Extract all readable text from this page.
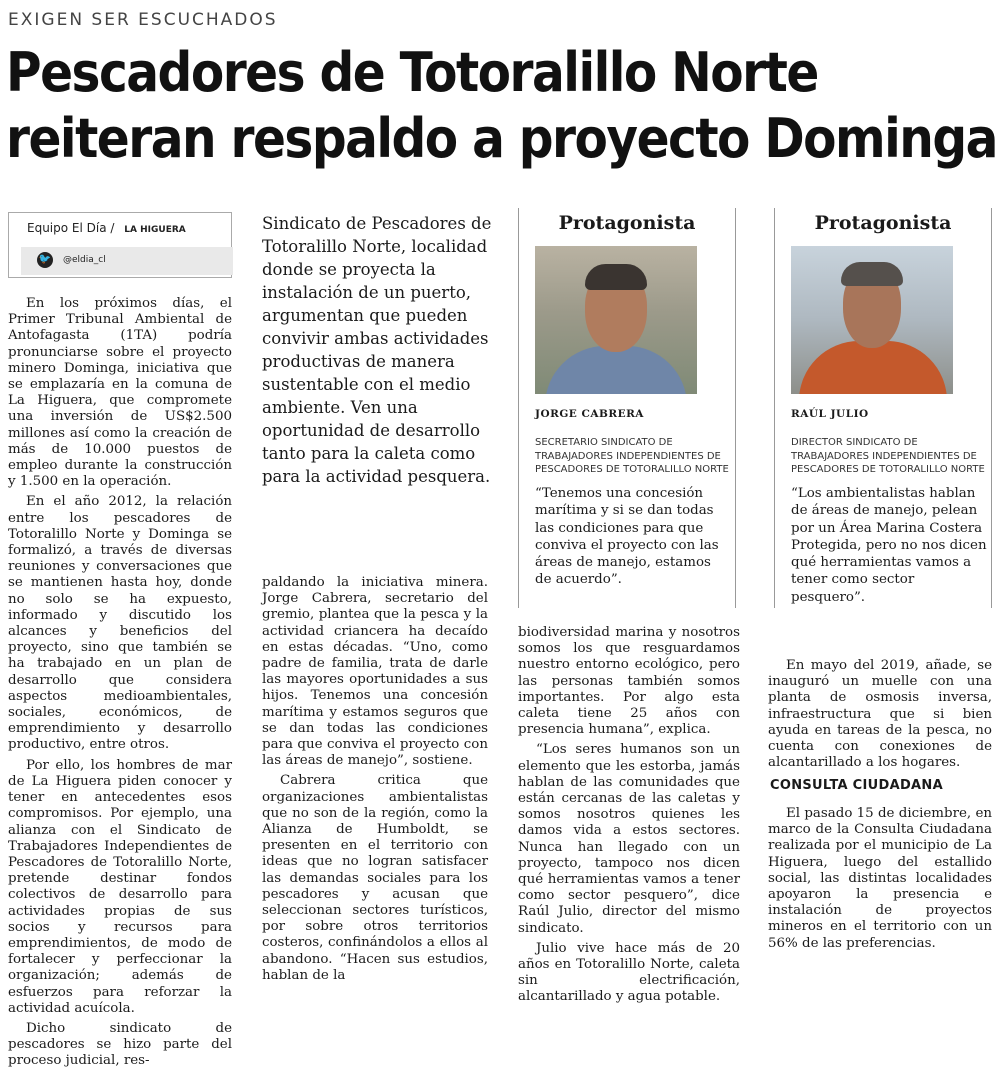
EXIGEN SER ESCUCHADOS
Pescadores de Totoralillo Norte
reiteran respaldo a proyecto Dominga
Equipo El Día / LA HIGUERA
🐦 @eldia_cl

En los próximos días, el Primer Tribunal Ambiental de Antofagasta (1TA) podría pronunciarse sobre el proyecto minero Dominga, iniciativa que se emplazaría en la comuna de La Higuera, que compromete una inversión de US$2.500 millones así como la creación de más de 10.000 puestos de empleo durante la construcción y 1.500 en la operación.

En el año 2012, la relación entre los pescadores de Totoralillo Norte y Dominga se formalizó, a través de diversas reuniones y conversaciones que se mantienen hasta hoy, donde no solo se ha expuesto, informado y discutido los alcances y beneficios del proyecto, sino que también se ha trabajado en un plan de desarrollo que considera aspectos medioambientales, sociales, económicos, de emprendimiento y desarrollo productivo, entre otros.

Por ello, los hombres de mar de La Higuera piden conocer y tener en antecedentes esos compromisos. Por ejemplo, una alianza con el Sindicato de Trabajadores Independientes de Pescadores de Totoralillo Norte, pretende destinar fondos colectivos de desarrollo para actividades propias de sus socios y recursos para emprendimientos, de modo de fortalecer y perfeccionar la organización; además de esfuerzos para reforzar la actividad acuícola.

Dicho sindicato de pescadores se hizo parte del proceso judicial, res-

Sindicato de Pescadores de Totoralillo Norte, localidad donde se proyecta la instalación de un puerto, argumentan que pueden convivir ambas actividades productivas de manera sustentable con el medio ambiente. Ven una oportunidad de desarrollo tanto para la caleta como para la actividad pesquera.

paldando la iniciativa minera. Jorge Cabrera, secretario del gremio, plantea que la pesca y la actividad criancera ha decaído en estas décadas. “Uno, como padre de familia, trata de darle las mayores oportunidades a sus hijos. Tenemos una concesión marítima y estamos seguros que se dan todas las condiciones para que conviva el proyecto con las áreas de manejo”, sostiene.

Cabrera critica que organizaciones ambientalistas que no son de la región, como la Alianza de Humboldt, se presenten en el territorio con ideas que no logran satisfacer las demandas sociales para los pescadores y acusan que seleccionan sectores turísticos, por sobre otros territorios costeros, confinándolos a ellos al abandono. “Hacen sus estudios, hablan de la

Protagonista
JORGE CABRERA
SECRETARIO SINDICATO DE TRABAJADORES INDEPENDIENTES DE PESCADORES DE TOTORALILLO NORTE
“Tenemos una concesión marítima y si se dan todas las condiciones para que conviva el proyecto con las áreas de manejo, estamos de acuerdo”.
Protagonista
RAÚL JULIO
DIRECTOR SINDICATO DE TRABAJADORES INDEPENDIENTES DE PESCADORES DE TOTORALILLO NORTE
“Los ambientalistas hablan de áreas de manejo, pelean por un Área Marina Costera Protegida, pero no nos dicen qué herramientas vamos a tener como sector pesquero”.

biodiversidad marina y nosotros somos los que resguardamos nuestro entorno ecológico, pero las personas también somos importantes. Por algo esta caleta tiene 25 años con presencia humana”, explica.

“Los seres humanos son un elemento que les estorba, jamás hablan de las comunidades que están cercanas de las caletas y somos nosotros quienes les damos vida a estos sectores. Nunca han llegado con un proyecto, tampoco nos dicen qué herramientas vamos a tener como sector pesquero”, dice Raúl Julio, director del mismo sindicato.

Julio vive hace más de 20 años en Totoralillo Norte, caleta sin electrificación, alcantarillado y agua potable.

En mayo del 2019, añade, se inauguró un muelle con una planta de osmosis inversa, infraestructura que si bien ayuda en tareas de la pesca, no cuenta con conexiones de alcantarillado a los hogares.

CONSULTA CIUDADANA

El pasado 15 de diciembre, en marco de la Consulta Ciudadana realizada por el municipio de La Higuera, luego del estallido social, las distintas localidades apoyaron la presencia e instalación de proyectos mineros en el territorio con un 56% de las preferencias.
